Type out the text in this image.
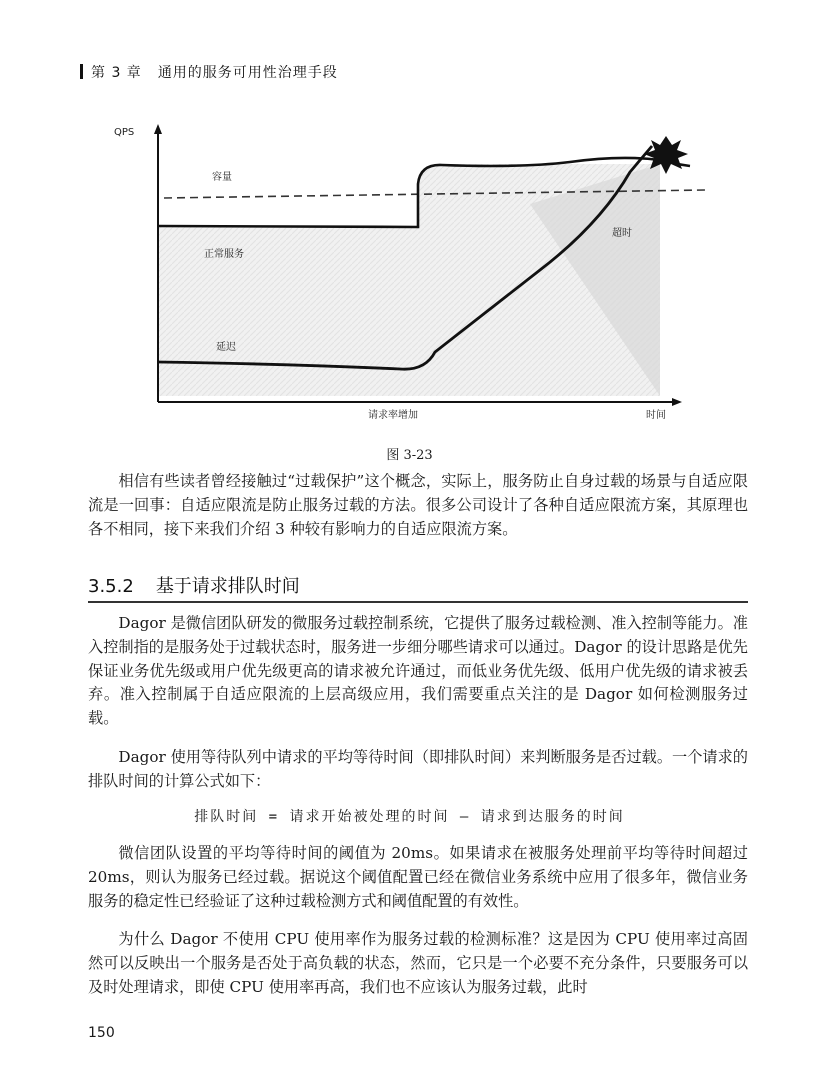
第 3 章 通用的服务可用性治理手段
QPS
容量
正常服务
延迟
超时
请求率增加	时间
图 3-23
相信有些读者曾经接触过“过载保护”这个概念，实际上，服务防止自身过载的场景与自适应限流是一回事：自适应限流是防止服务过载的方法。很多公司设计了各种自适应限流方案，其原理也各不相同，接下来我们介绍 3 种较有影响力的自适应限流方案。
3.5.2 基于请求排队时间
Dagor 是微信团队研发的微服务过载控制系统，它提供了服务过载检测、准入控制等能力。准入控制指的是服务处于过载状态时，服务进一步细分哪些请求可以通过。Dagor 的设计思路是优先保证业务优先级或用户优先级更高的请求被允许通过，而低业务优先级、低用户优先级的请求被丢弃。准入控制属于自适应限流的上层高级应用，我们需要重点关注的是 Dagor 如何检测服务过载。
Dagor 使用等待队列中请求的平均等待时间（即排队时间）来判断服务是否过载。一个请求的排队时间的计算公式如下：
排队时间 = 请求开始被处理的时间 – 请求到达服务的时间
微信团队设置的平均等待时间的阈值为 20ms。如果请求在被服务处理前平均等待时间超过 20ms，则认为服务已经过载。据说这个阈值配置已经在微信业务系统中应用了很多年，微信业务服务的稳定性已经验证了这种过载检测方式和阈值配置的有效性。
为什么 Dagor 不使用 CPU 使用率作为服务过载的检测标准？这是因为 CPU 使用率过高固然可以反映出一个服务是否处于高负载的状态，然而，它只是一个必要不充分条件，只要服务可以及时处理请求，即使 CPU 使用率再高，我们也不应该认为服务过载，此时
150
